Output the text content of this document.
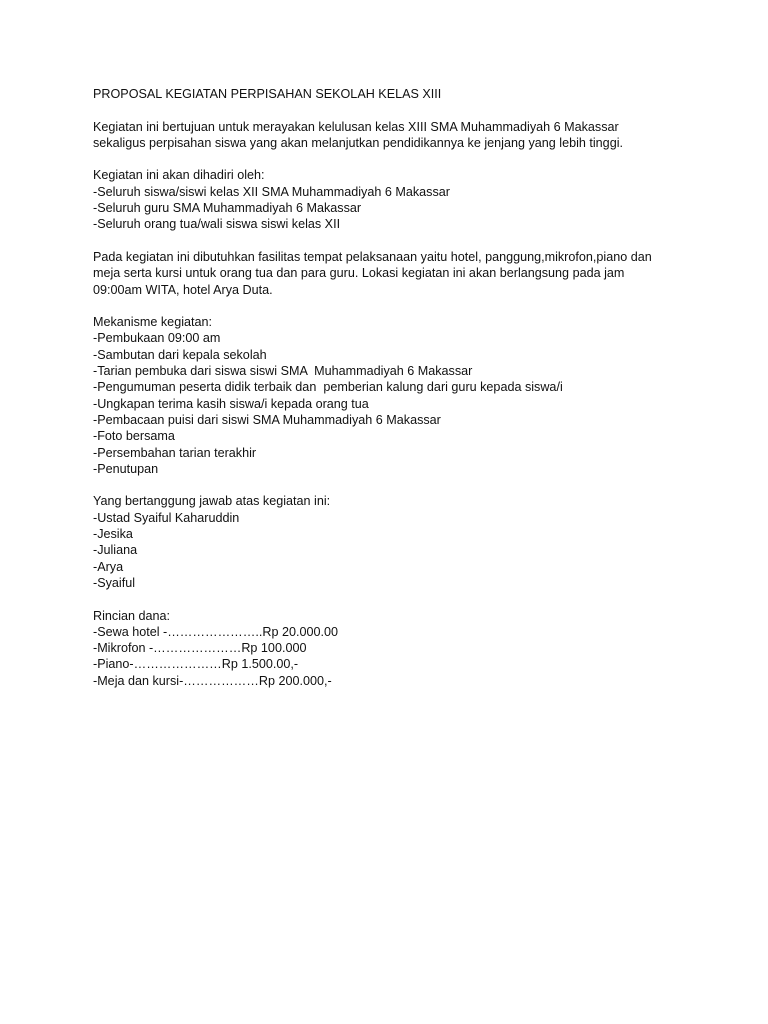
PROPOSAL KEGIATAN PERPISAHAN SEKOLAH KELAS XIII
Kegiatan ini bertujuan untuk merayakan kelulusan kelas XIII SMA Muhammadiyah 6 Makassar
sekaligus perpisahan siswa yang akan melanjutkan pendidikannya ke jenjang yang lebih tinggi.
Kegiatan ini akan dihadiri oleh:
-Seluruh siswa/siswi kelas XII SMA Muhammadiyah 6 Makassar
-Seluruh guru SMA Muhammadiyah 6 Makassar
-Seluruh orang tua/wali siswa siswi kelas XII
Pada kegiatan ini dibutuhkan fasilitas tempat pelaksanaan yaitu hotel, panggung,mikrofon,piano dan
meja serta kursi untuk orang tua dan para guru. Lokasi kegiatan ini akan berlangsung pada jam
09:00am WITA, hotel Arya Duta.
Mekanisme kegiatan:
-Pembukaan 09:00 am
-Sambutan dari kepala sekolah
-Tarian pembuka dari siswa siswi SMA  Muhammadiyah 6 Makassar
-Pengumuman peserta didik terbaik dan  pemberian kalung dari guru kepada siswa/i
-Ungkapan terima kasih siswa/i kepada orang tua
-Pembacaan puisi dari siswi SMA Muhammadiyah 6 Makassar
-Foto bersama
-Persembahan tarian terakhir
-Penutupan
Yang bertanggung jawab atas kegiatan ini:
-Ustad Syaiful Kaharuddin
-Jesika
-Juliana
-Arya
-Syaiful
Rincian dana:
-Sewa hotel -…………………..Rp 20.000.00
-Mikrofon -…………………Rp 100.000
-Piano-…………………Rp 1.500.00,-
-Meja dan kursi-………………Rp 200.000,-
